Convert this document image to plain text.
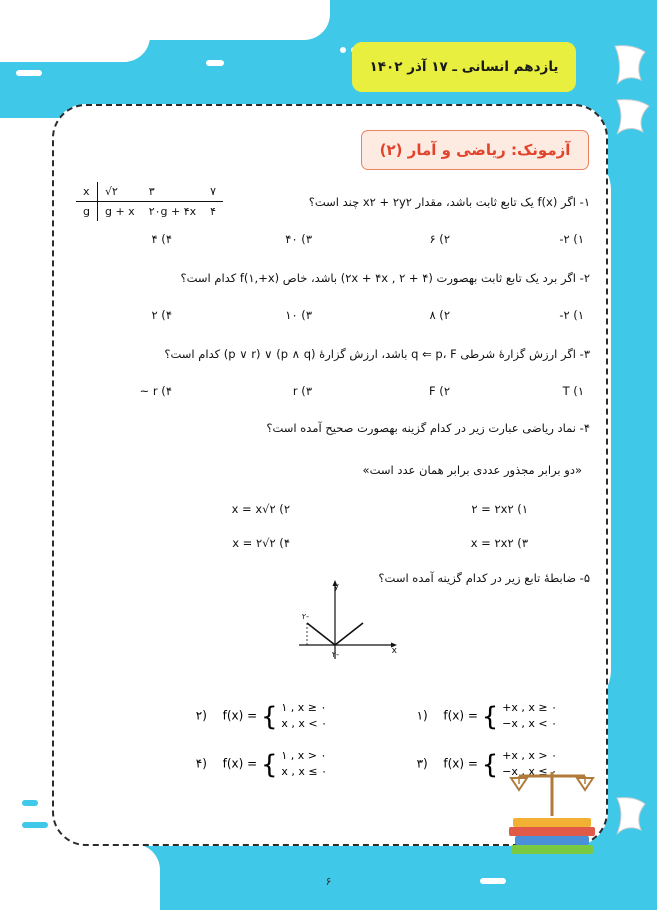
یازدهم انسانی ـ ۱۷ آذر ۱۴۰۲
آزمونک: ریاضی و آمار (۲)
x	√۲	۳	۷
g	g + x	۲۰g + ۴x	۴
۱- اگر f(x) یک تابع ثابت باشد، مقدار ۲y٢ + x٢ چند است؟
۱) ۲-
۲) ۶
۳) ۴۰
۴) ۴
۲- اگر برد یک تابع ثابت بهصورت (۲x + ۴x , ۲ + ۴) باشد، خاص f(۱,+x) کدام است؟
۱) ۲-
۲) ۸
۳) ۱۰
۴) ۲
۳- اگر ارزش گزارۀ شرطی q ⇐ p، F باشد، ارزش گزارۀ (p ∧ q) ∨ (p ∨ r) کدام است؟
۱) T
۲) F
۳) r
۴) r ~
۴- نماد ریاضی عبارت زیر در کدام گزینه بهصورت صحیح آمده است؟
«دو برابر مجذور عددی برابر همان عدد است»
۱) ۲x٢ = ۲
۲) ۲√x = x
۳) ۲x٢ = x
۴) ۲√x = ۲
۵- ضابطۀ تابع زیر در کدام گزینه آمده است؟
y
x
-۲
-۲
۱) f(x) = { +x , x ≥ ۰
−x , x < ۰
۲) f(x) = { ۱ , x ≥ ۰
x , x < ۰
۳) f(x) = { +x , x > ۰
−x , x ≤ ۰
۴) f(x) = { ۱ , x > ۰
x , x ≤ ۰
۶
